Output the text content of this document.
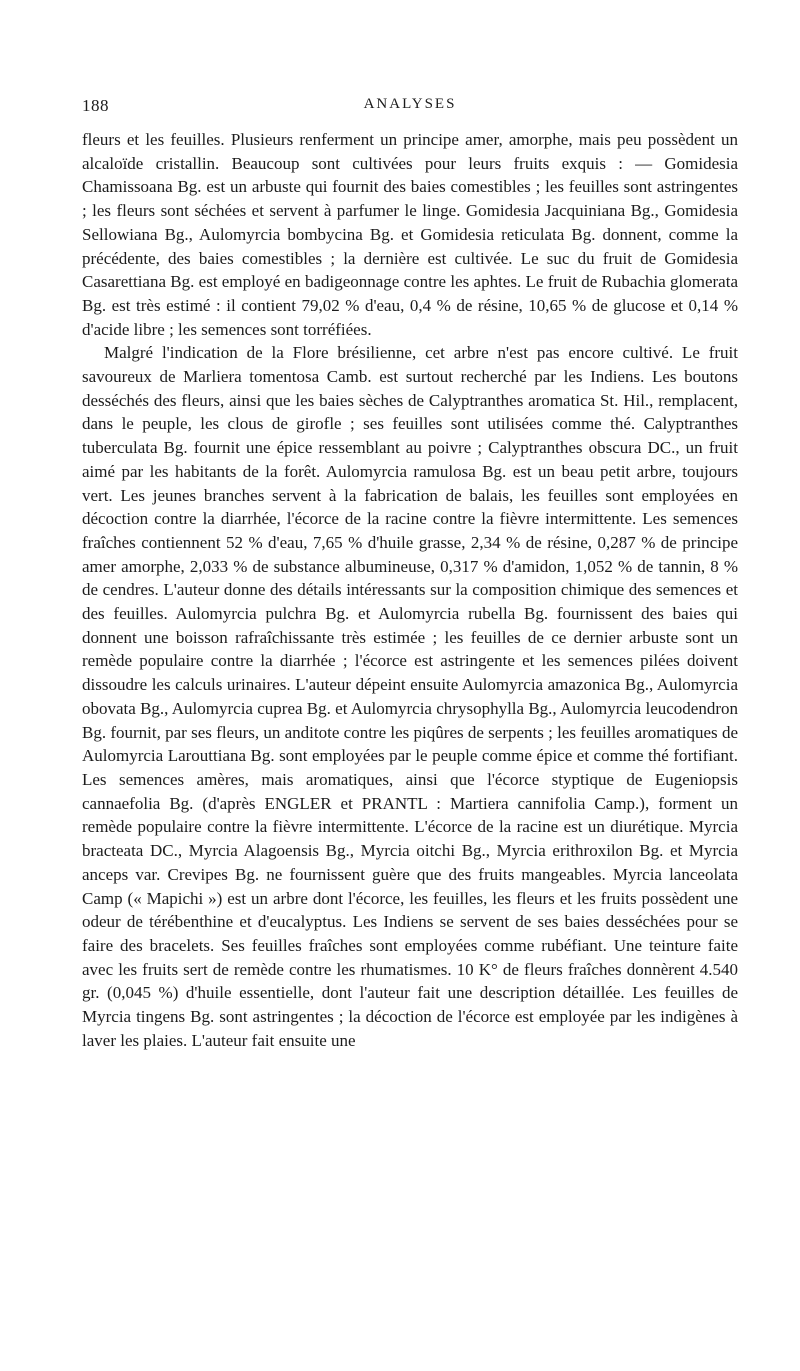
188	ANALYSES

fleurs et les feuilles. Plusieurs renferment un principe amer, amorphe, mais peu possèdent un alcaloïde cristallin. Beaucoup sont cultivées pour leurs fruits exquis : — Gomidesia Chamissoana Bg. est un arbuste qui fournit des baies comestibles ; les feuilles sont astringentes ; les fleurs sont séchées et servent à parfumer le linge. Gomidesia Jacquiniana Bg., Gomidesia Sellowiana Bg., Aulomyrcia bombycina Bg. et Gomidesia reticulata Bg. donnent, comme la précédente, des baies comestibles ; la dernière est cultivée. Le suc du fruit de Gomidesia Casarettiana Bg. est employé en badigeonnage contre les aphtes. Le fruit de Rubachia glomerata Bg. est très estimé : il contient 79,02 % d'eau, 0,4 % de résine, 10,65 % de glucose et 0,14 % d'acide libre ; les semences sont torréfiées.

Malgré l'indication de la Flore brésilienne, cet arbre n'est pas encore cultivé. Le fruit savoureux de Marliera tomentosa Camb. est surtout recherché par les Indiens. Les boutons desséchés des fleurs, ainsi que les baies sèches de Calyptranthes aromatica St. Hil., remplacent, dans le peuple, les clous de girofle ; ses feuilles sont utilisées comme thé. Calyptranthes tuberculata Bg. fournit une épice ressemblant au poivre ; Calyptranthes obscura DC., un fruit aimé par les habitants de la forêt. Aulomyrcia ramulosa Bg. est un beau petit arbre, toujours vert. Les jeunes branches servent à la fabrication de balais, les feuilles sont employées en décoction contre la diarrhée, l'écorce de la racine contre la fièvre intermittente. Les semences fraîches contiennent 52 % d'eau, 7,65 % d'huile grasse, 2,34 % de résine, 0,287 % de principe amer amorphe, 2,033 % de substance albumineuse, 0,317 % d'amidon, 1,052 % de tannin, 8 % de cendres. L'auteur donne des détails intéressants sur la composition chimique des semences et des feuilles. Aulomyrcia pulchra Bg. et Aulomyrcia rubella Bg. fournissent des baies qui donnent une boisson rafraîchissante très estimée ; les feuilles de ce dernier arbuste sont un remède populaire contre la diarrhée ; l'écorce est astringente et les semences pilées doivent dissoudre les calculs urinaires. L'auteur dépeint ensuite Aulomyrcia amazonica Bg., Aulomyrcia obovata Bg., Aulomyrcia cuprea Bg. et Aulomyrcia chrysophylla Bg., Aulomyrcia leucodendron Bg. fournit, par ses fleurs, un anditote contre les piqûres de serpents ; les feuilles aromatiques de Aulomyrcia Larouttiana Bg. sont employées par le peuple comme épice et comme thé fortifiant. Les semences amères, mais aromatiques, ainsi que l'écorce styptique de Eugeniopsis cannaefolia Bg. (d'après ENGLER et PRANTL : Martiera cannifolia Camp.), forment un remède populaire contre la fièvre intermittente. L'écorce de la racine est un diurétique. Myrcia bracteata DC., Myrcia Alagoensis Bg., Myrcia oitchi Bg., Myrcia erithroxilon Bg. et Myrcia anceps var. Crevipes Bg. ne fournissent guère que des fruits mangeables. Myrcia lanceolata Camp (« Mapichi ») est un arbre dont l'écorce, les feuilles, les fleurs et les fruits possèdent une odeur de térébenthine et d'eucalyptus. Les Indiens se servent de ses baies desséchées pour se faire des bracelets. Ses feuilles fraîches sont employées comme rubéfiant. Une teinture faite avec les fruits sert de remède contre les rhumatismes. 10 K° de fleurs fraîches donnèrent 4.540 gr. (0,045 %) d'huile essentielle, dont l'auteur fait une description détaillée. Les feuilles de Myrcia tingens Bg. sont astringentes ; la décoction de l'écorce est employée par les indigènes à laver les plaies. L'auteur fait ensuite une
